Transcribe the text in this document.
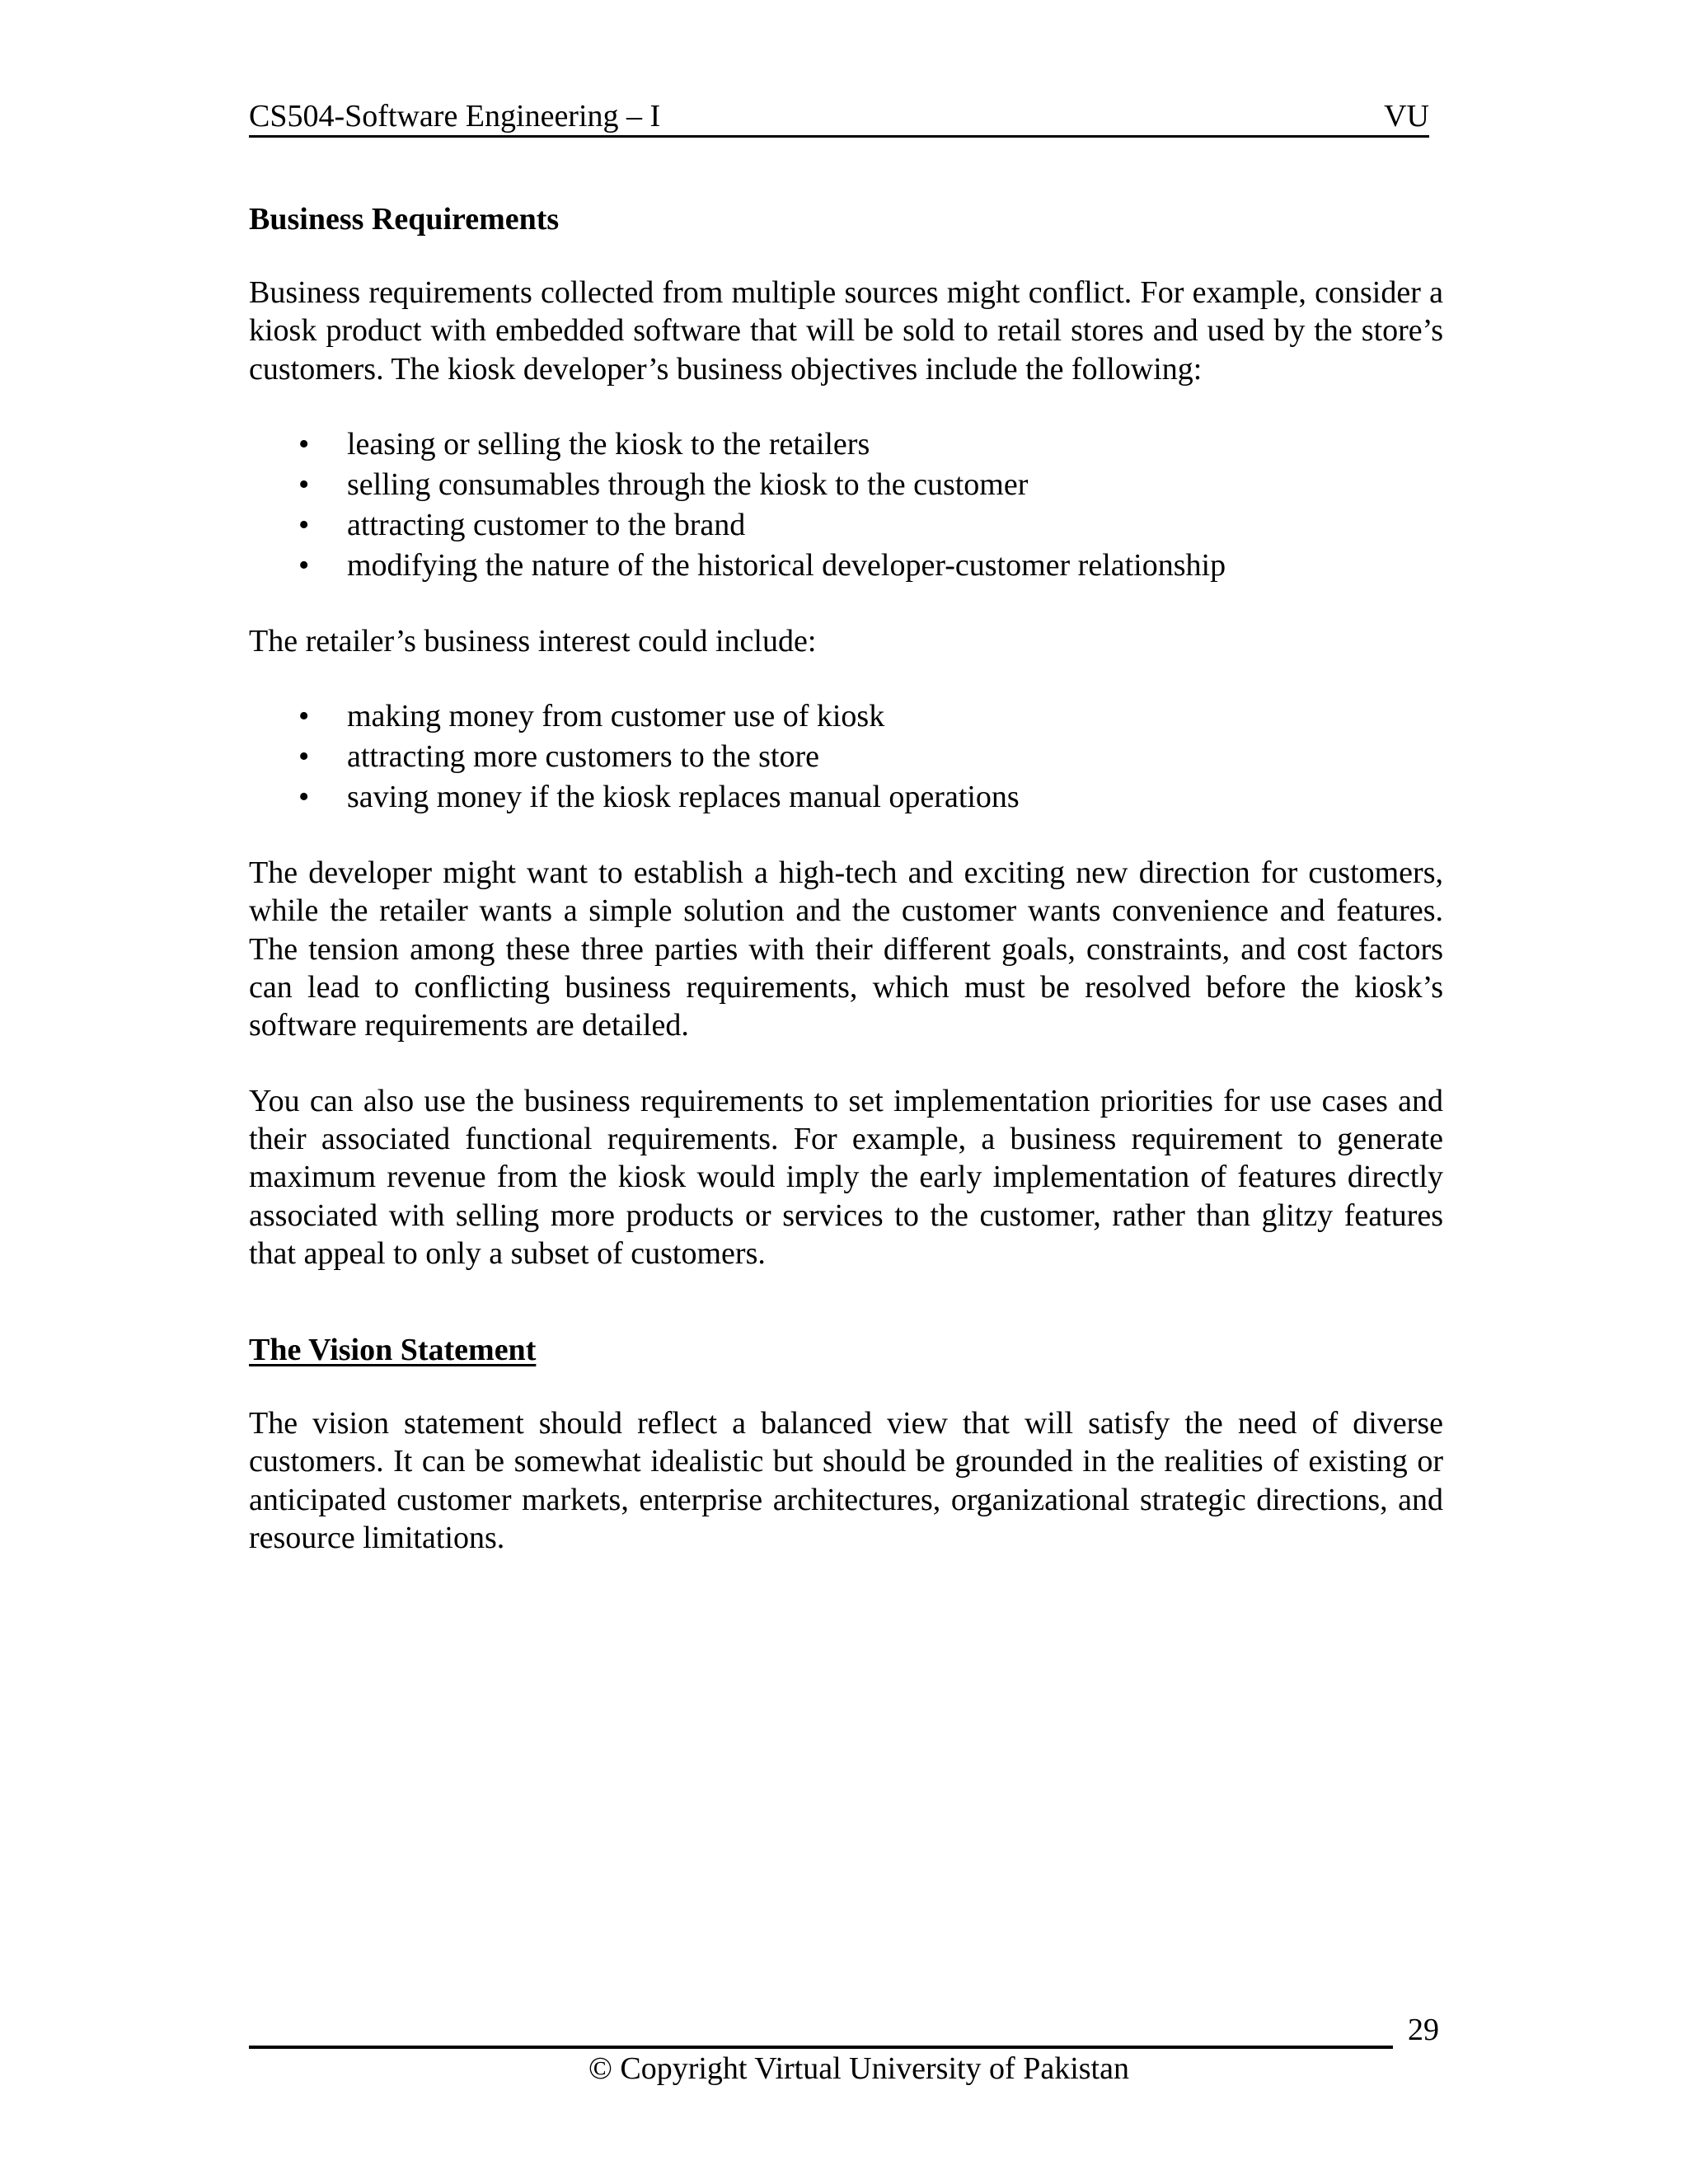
CS504-Software Engineering – I	VU
Business Requirements

Business requirements collected from multiple sources might conflict. For example, consider a kiosk product with embedded software that will be sold to retail stores and used by the store’s customers. The kiosk developer’s business objectives include the following:

• leasing or selling the kiosk to the retailers
• selling consumables through the kiosk to the customer
• attracting customer to the brand
• modifying the nature of the historical developer-customer relationship

The retailer’s business interest could include:

• making money from customer use of kiosk
• attracting more customers to the store
• saving money if the kiosk replaces manual operations

The developer might want to establish a high-tech and exciting new direction for customers, while the retailer wants a simple solution and the customer wants convenience and features. The tension among these three parties with their different goals, constraints, and cost factors can lead to conflicting business requirements, which must be resolved before the kiosk’s software requirements are detailed.

You can also use the business requirements to set implementation priorities for use cases and their associated functional requirements. For example, a business requirement to generate maximum revenue from the kiosk would imply the early implementation of features directly associated with selling more products or services to the customer, rather than glitzy features that appeal to only a subset of customers.

The Vision Statement

The vision statement should reflect a balanced view that will satisfy the need of diverse customers. It can be somewhat idealistic but should be grounded in the realities of existing or anticipated customer markets, enterprise architectures, organizational strategic directions, and resource limitations.

29
© Copyright Virtual University of Pakistan
